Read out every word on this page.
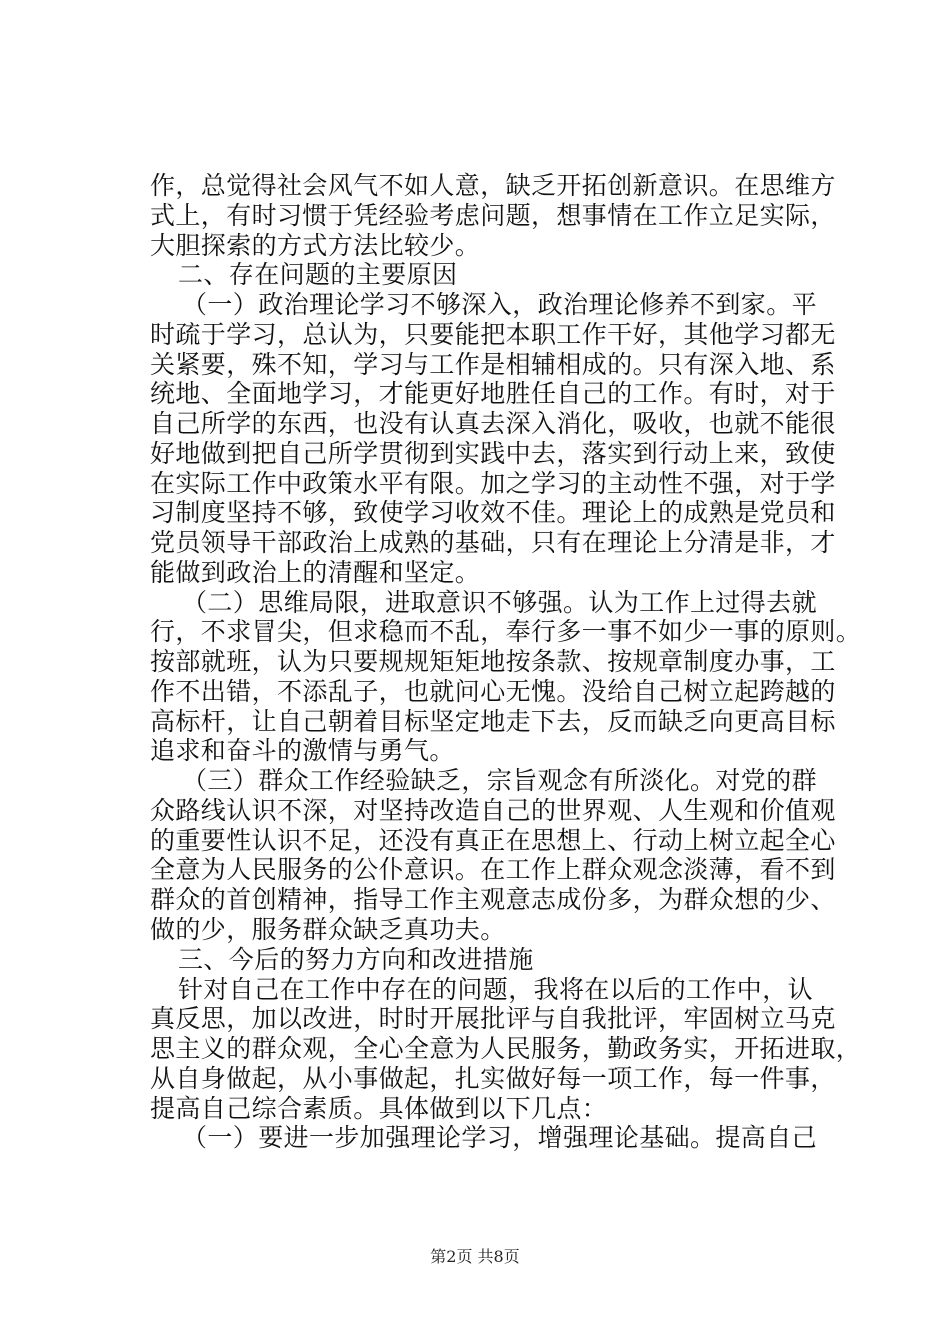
作，总觉得社会风气不如人意，缺乏开拓创新意识。在思维方
式上，有时习惯于凭经验考虑问题，想事情在工作立足实际，
大胆探索的方式方法比较少。
二、存在问题的主要原因
（一）政治理论学习不够深入，政治理论修养不到家。平
时疏于学习，总认为，只要能把本职工作干好，其他学习都无
关紧要，殊不知，学习与工作是相辅相成的。只有深入地、系
统地、全面地学习，才能更好地胜任自己的工作。有时，对于
自己所学的东西，也没有认真去深入消化，吸收，也就不能很
好地做到把自己所学贯彻到实践中去，落实到行动上来，致使
在实际工作中政策水平有限。加之学习的主动性不强，对于学
习制度坚持不够，致使学习收效不佳。理论上的成熟是党员和
党员领导干部政治上成熟的基础，只有在理论上分清是非，才
能做到政治上的清醒和坚定。
（二）思维局限，进取意识不够强。认为工作上过得去就
行，不求冒尖，但求稳而不乱，奉行多一事不如少一事的原则。
按部就班，认为只要规规矩矩地按条款、按规章制度办事，工
作不出错，不添乱子，也就问心无愧。没给自己树立起跨越的
高标杆，让自己朝着目标坚定地走下去，反而缺乏向更高目标
追求和奋斗的激情与勇气。
（三）群众工作经验缺乏，宗旨观念有所淡化。对党的群
众路线认识不深，对坚持改造自己的世界观、人生观和价值观
的重要性认识不足，还没有真正在思想上、行动上树立起全心
全意为人民服务的公仆意识。在工作上群众观念淡薄，看不到
群众的首创精神，指导工作主观意志成份多，为群众想的少、
做的少，服务群众缺乏真功夫。
三、今后的努力方向和改进措施
针对自己在工作中存在的问题，我将在以后的工作中，认
真反思，加以改进，时时开展批评与自我批评，牢固树立马克
思主义的群众观，全心全意为人民服务，勤政务实，开拓进取，
从自身做起，从小事做起，扎实做好每一项工作，每一件事，
提高自己综合素质。具体做到以下几点：
（一）要进一步加强理论学习，增强理论基础。提高自己
第2页 共8页
